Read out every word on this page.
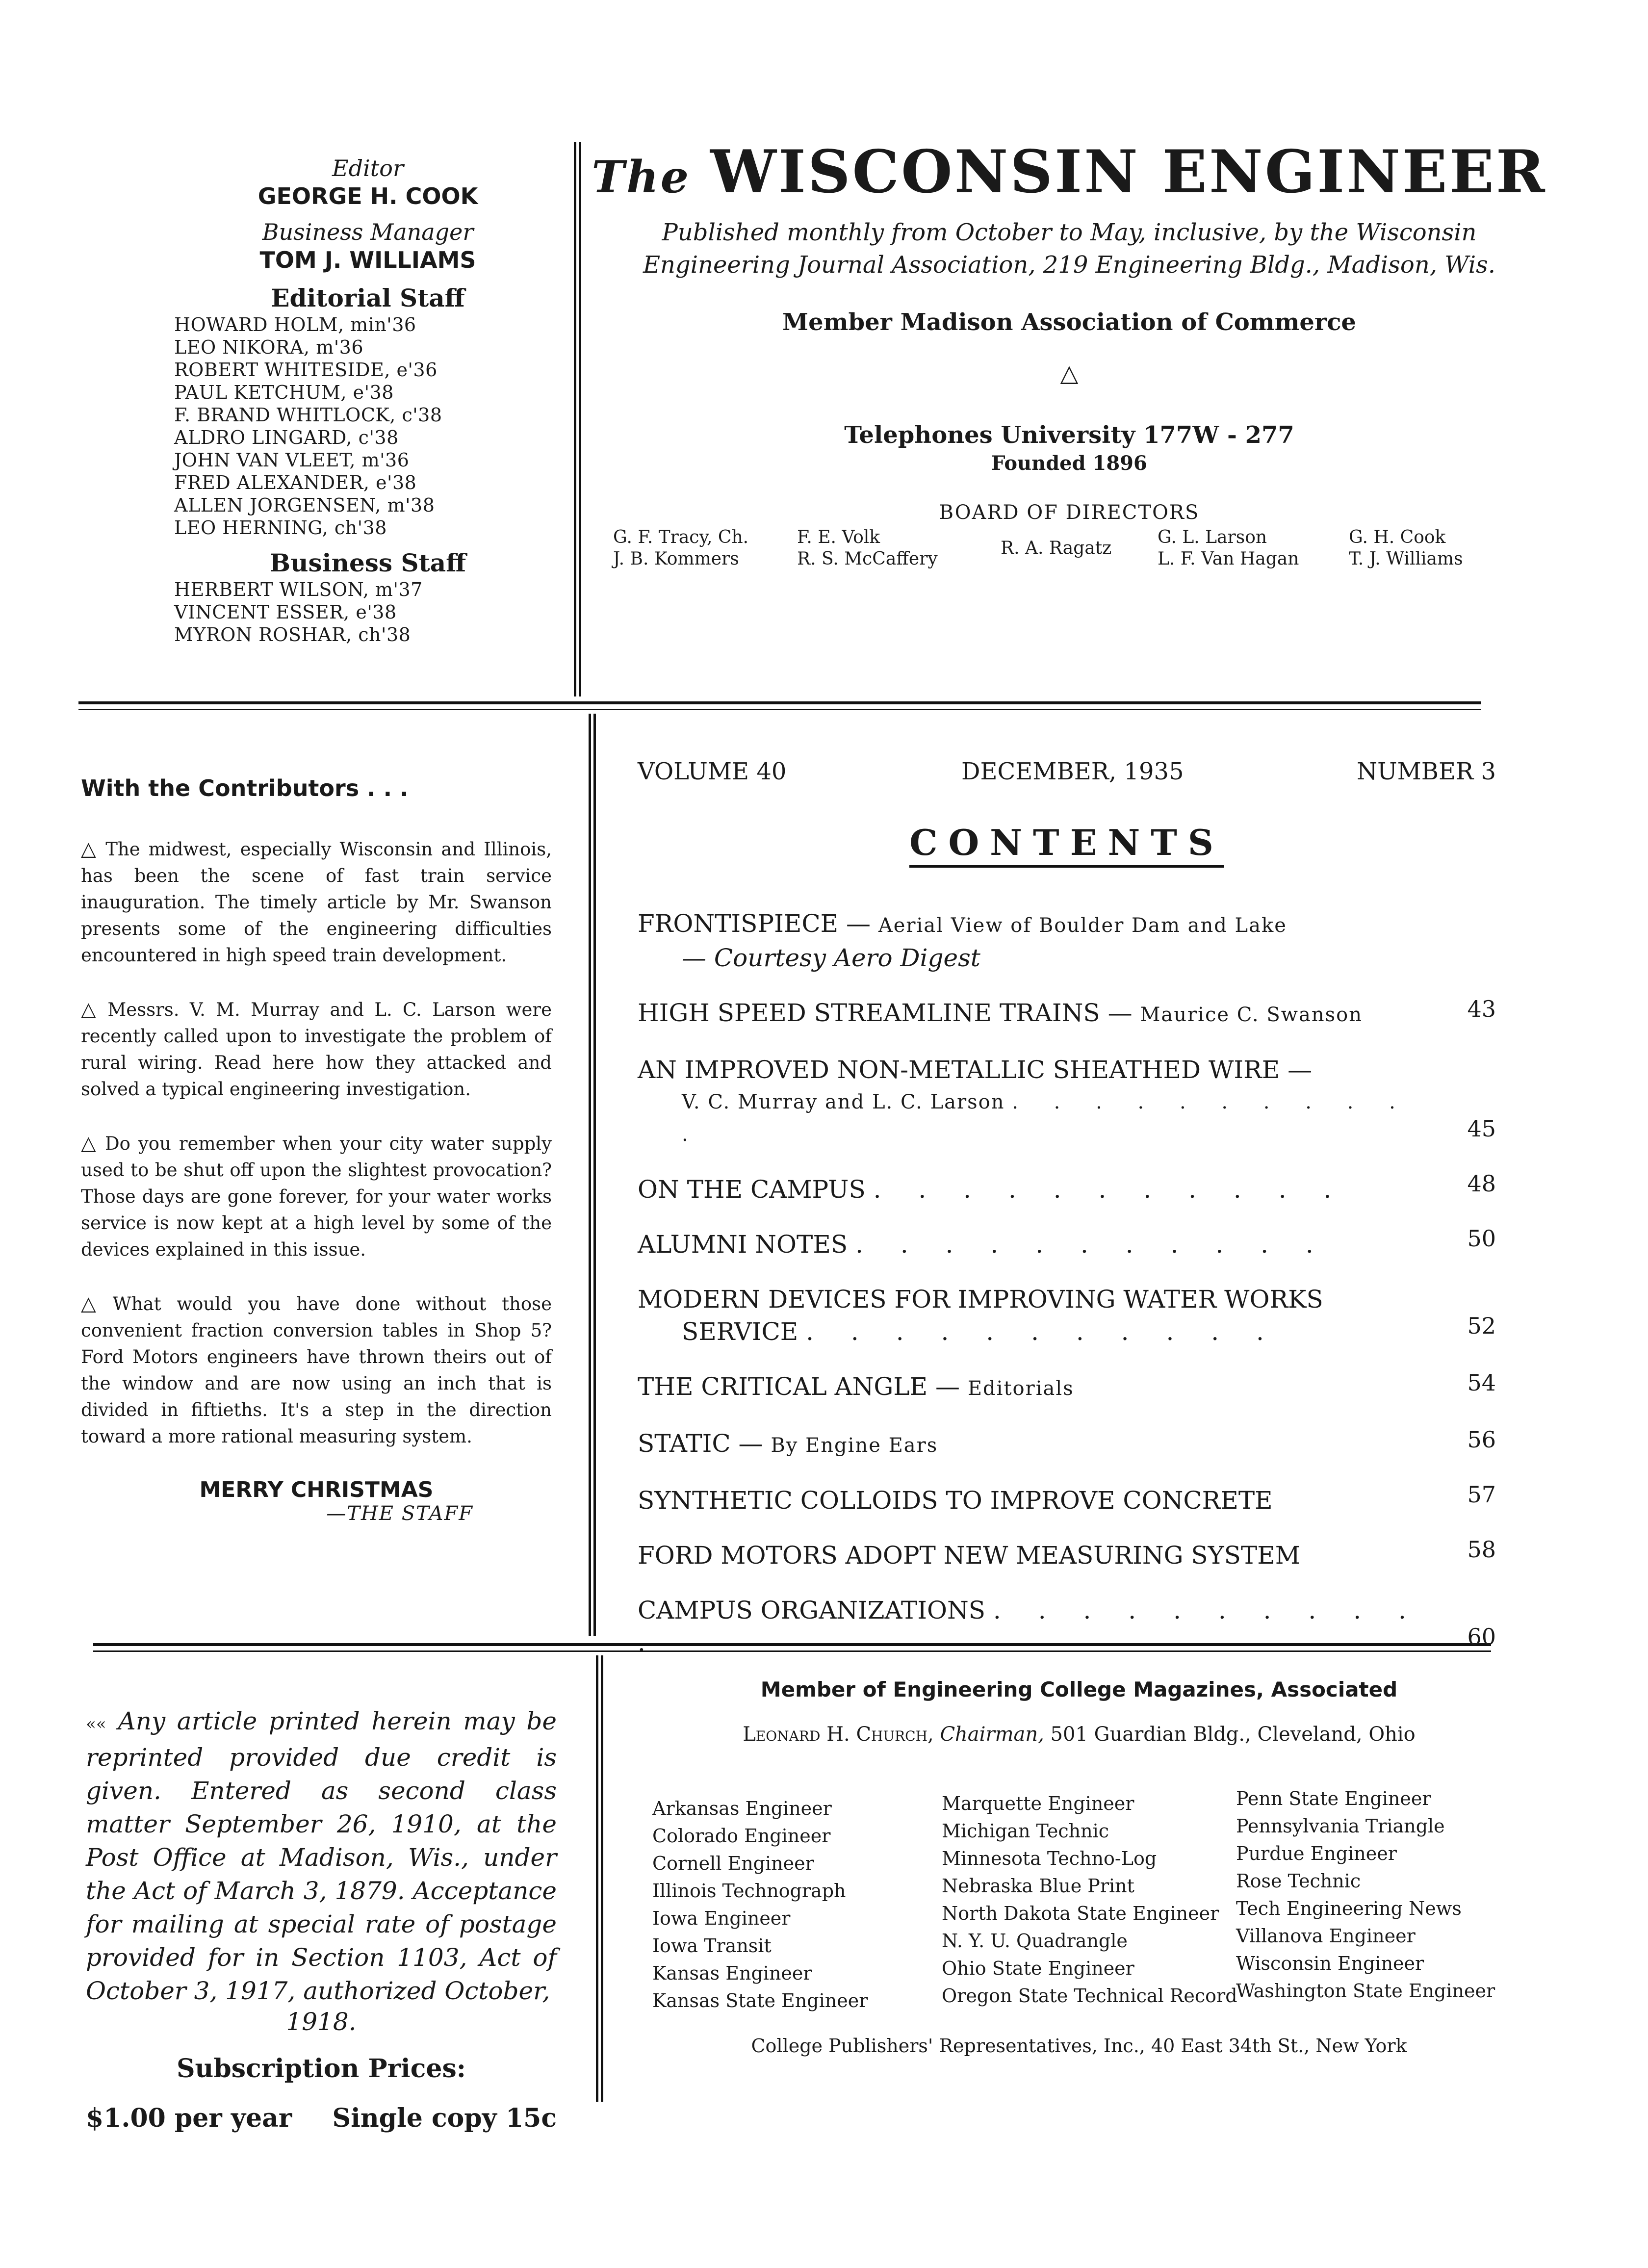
Editor
GEORGE H. COOK
Business Manager
TOM J. WILLIAMS
Editorial Staff
HOWARD HOLM, min'36
LEO NIKORA, m'36
ROBERT WHITESIDE, e'36
PAUL KETCHUM, e'38
F. BRAND WHITLOCK, c'38
ALDRO LINGARD, c'38
JOHN VAN VLEET, m'36
FRED ALEXANDER, e'38
ALLEN JORGENSEN, m'38
LEO HERNING, ch'38
Business Staff
HERBERT WILSON, m'37
VINCENT ESSER, e'38
MYRON ROSHAR, ch'38
The WISCONSIN ENGINEER
Published monthly from October to May, inclusive, by the Wisconsin
Engineering Journal Association, 219 Engineering Bldg., Madison, Wis.
Member Madison Association of Commerce
△
Telephones University 177W - 277
Founded 1896
BOARD OF DIRECTORS
G. F. Tracy, Ch.
J. B. Kommers
F. E. Volk
R. S. McCaffery
R. A. Ragatz
G. L. Larson
L. F. Van Hagan
G. H. Cook
T. J. Williams
With the Contributors . . .
△ The midwest, especially Wisconsin and Illinois, has been the scene of fast train service inauguration. The timely article by Mr. Swanson presents some of the engineering difficulties encountered in high speed train development.
△ Messrs. V. M. Murray and L. C. Larson were recently called upon to investigate the problem of rural wiring. Read here how they attacked and solved a typical engineering investigation.
△ Do you remember when your city water supply used to be shut off upon the slightest provocation? Those days are gone forever, for your water works service is now kept at a high level by some of the devices explained in this issue.
△ What would you have done without those convenient fraction conversion tables in Shop 5? Ford Motors engineers have thrown theirs out of the window and are now using an inch that is divided in fiftieths. It's a step in the direction toward a more rational measuring system.
MERRY CHRISTMAS
—THE STAFF
VOLUME 40	DECEMBER, 1935	NUMBER 3
CONTENTS
FRONTISPIECE — Aerial View of Boulder Dam and Lake
— Courtesy Aero Digest
HIGH SPEED STREAMLINE TRAINS — Maurice C. Swanson	43
AN IMPROVED NON-METALLIC SHEATHED WIRE —
V. C. Murray and L. C. Larson . . . . . . . . . . .	45
ON THE CAMPUS . . . . . . . . . . .	48
ALUMNI NOTES . . . . . . . . . . .	50
MODERN DEVICES FOR IMPROVING WATER WORKS
SERVICE . . . . . . . . . . .	52
THE CRITICAL ANGLE — Editorials	54
STATIC — By Engine Ears	56
SYNTHETIC COLLOIDS TO IMPROVE CONCRETE	57
FORD MOTORS ADOPT NEW MEASURING SYSTEM	58
CAMPUS ORGANIZATIONS . . . . . . . . . . .	60
«« Any article printed herein may be reprinted provided due credit is given. Entered as second class matter September 26, 1910, at the Post Office at Madison, Wis., under the Act of March 3, 1879. Acceptance for mailing at special rate of postage provided for in Section 1103, Act of October 3, 1917, authorized October,
1918.
Subscription Prices:
$1.00 per year Single copy 15c
Member of Engineering College Magazines, Associated
Leonard H. Church, Chairman, 501 Guardian Bldg., Cleveland, Ohio
Arkansas Engineer
Colorado Engineer
Cornell Engineer
Illinois Technograph
Iowa Engineer
Iowa Transit
Kansas Engineer
Kansas State Engineer
Marquette Engineer
Michigan Technic
Minnesota Techno-Log
Nebraska Blue Print
North Dakota State Engineer
N. Y. U. Quadrangle
Ohio State Engineer
Oregon State Technical Record
Penn State Engineer
Pennsylvania Triangle
Purdue Engineer
Rose Technic
Tech Engineering News
Villanova Engineer
Wisconsin Engineer
Washington State Engineer
College Publishers' Representatives, Inc., 40 East 34th St., New York
